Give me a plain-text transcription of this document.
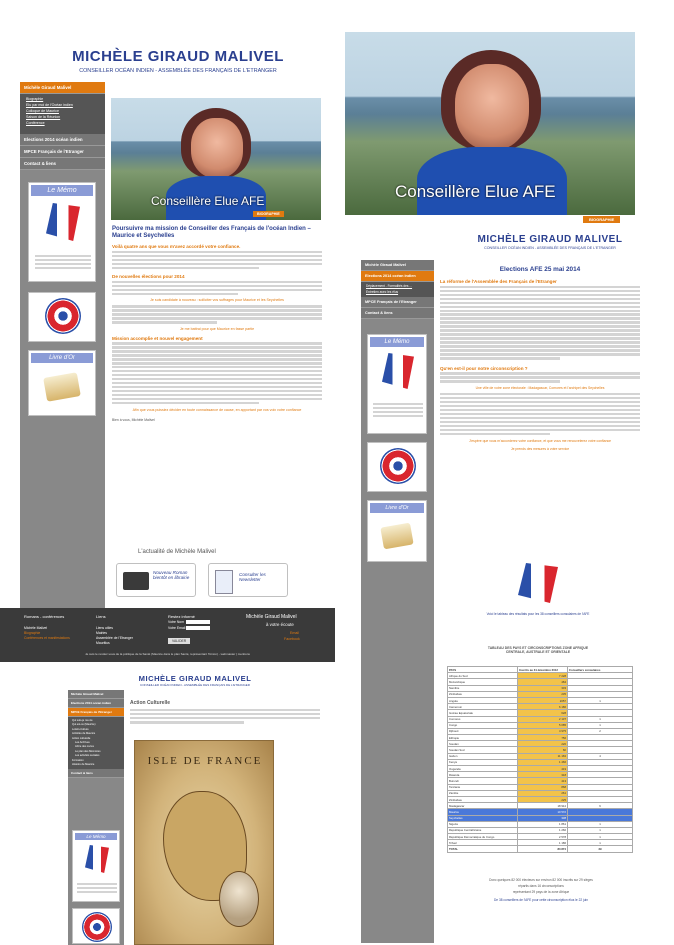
MICHÈLE GIRAUD MALIVEL
CONSEILLER OCÉAN INDIEN - ASSEMBLÉE DES FRANÇAIS DE L'ETRANGER
Michèle Giraud Malivel
Biographie
Elu par moi de l'Océan indien
Colloque de Maurice
Saison de la Réunion
Conférence
Elections 2014 océan indien
MPCE Français de l'Etranger
Contact & liens
Le Mémo
Livre d'Or
Conseillère Elue AFE
BIOGRAPHIE
Poursuivre ma mission de Conseiller des Français de l'océan Indien – Maurice et Seychelles
Voilà quatre ans que vous m'avez accordé votre confiance.
De nouvelles élections pour 2014
Je suis candidate à nouveau : solliciter vos suffrages pour Maurice et les Seychelles
Je me battrai pour que Maurice en fasse partie
Mission accomplie et nouvel engagement
Afin que vous puissiez décider en toute connaissance de cause, en apportant par vos voix votre confiance
Bien à vous, Michèle Malivel
L'actualité de Michèle Malivel
Nouveau Roman bientôt en librairie
Consulter les Newsletter
Romans - conférences
Michèle Malivel
Biographie
Conférences et manifestations
Liens
Liens utiles
Mairies
Assemblée de l'Etranger
Mauritius
Restez informé
Votre Nom
Votre Email
VALIDER
Michèle Giraud Malivel
à votre écoute
Email
Facebook
Je suis le rendez-vous de la politique de la Santé (Maurice dans le plan Santé, représentant l'Union) - webmaster | mentions
Conseillère Elue AFE
BIOGRAPHIE
MICHÈLE GIRAUD MALIVEL
CONSEILLER OCÉAN INDIEN - ASSEMBLÉE DES FRANÇAIS DE L'ETRANGER
Michèle Giraud Malivel
Elections 2014 océan indien
Déplacement - Formalités des ...
Entretien avec les élus
MPCE Français de l'Etranger
Contact & liens
Le Mémo
Livre d'Or
Elections AFE 25 mai 2014
La réforme de l'Assemblée des Français de l'Etranger
Qu'en est-il pour notre circonscription ?
Une ville de votre zone électorale : Madagascar, Comores et l'archipel des Seychelles
J'espère que vous m'accorderez votre confiance, et que vous me renouvelerez votre confiance
Je prends des mesures à votre service
Voici le tableau des résultats pour les 38 conseillers consulaires de l'AFE
TABLEAU DES PAYS ET CIRCONSCRIPTIONS ZONE AFRIQUE CENTRALE, AUSTRALE ET ORIENTALE
PAYS	Inscrits au 31 décembre 2012	Conseillers consulaires
Afrique du Sud	7 228	
Mozambique	484	
Namibie	303	
Zimbabwe	235	
Angola	2057	1
Cameroun	6 186	
Guinée Equatoriale	628	
Comores	2 137	1
Congo	5 085	1
Djibouti	4 975	2
Ethiopie	756	
Soudan	220	
Soudan Sud	60	
Gabon	11 163	4
Kenya	1 466	
Ouganda	419	
Rwanda	318	
Burundi	413	
Tanzanie	868	
Zambie	261	
Zimbabwe	225	
Madagascar	18 914	6
Maurice	10 572	
Seychelles	338	
Nigeria	1 861	1
République Centrafricaine	1 260	1
République Démocratique du Congo	2 578	1
Tchad	1 186	1
TOTAL	83 874	29
Donc quelques 82 000 électeurs sur environ 82 000 inscrits sur 29 sièges
répartis dans 16 circonscriptions
représentant 29 pays de la zone Afrique
De 38 conseillers de l'AFE pour cette circonscription élus le 22 juin
MICHÈLE GIRAUD MALIVEL
CONSEILLER OCÉAN INDIEN - ASSEMBLÉE DES FRANÇAIS DE L'ETRANGER
Michèle Giraud Malivel
Elections 2014 océan indien
MPCE Français de l'Etranger
Qui suis-je ma vie
Qui est-ce (Maurice)
Loisirs-Culture
Activités de Maurice
Action culturelle
Les Archives
Arbre des Livres
Le plan des Mémoires
Les activités sociales
Formation
Histoire de Maurice
Contact & liens
Le Mémo
Action Culturelle
ISLE DE FRANCE
